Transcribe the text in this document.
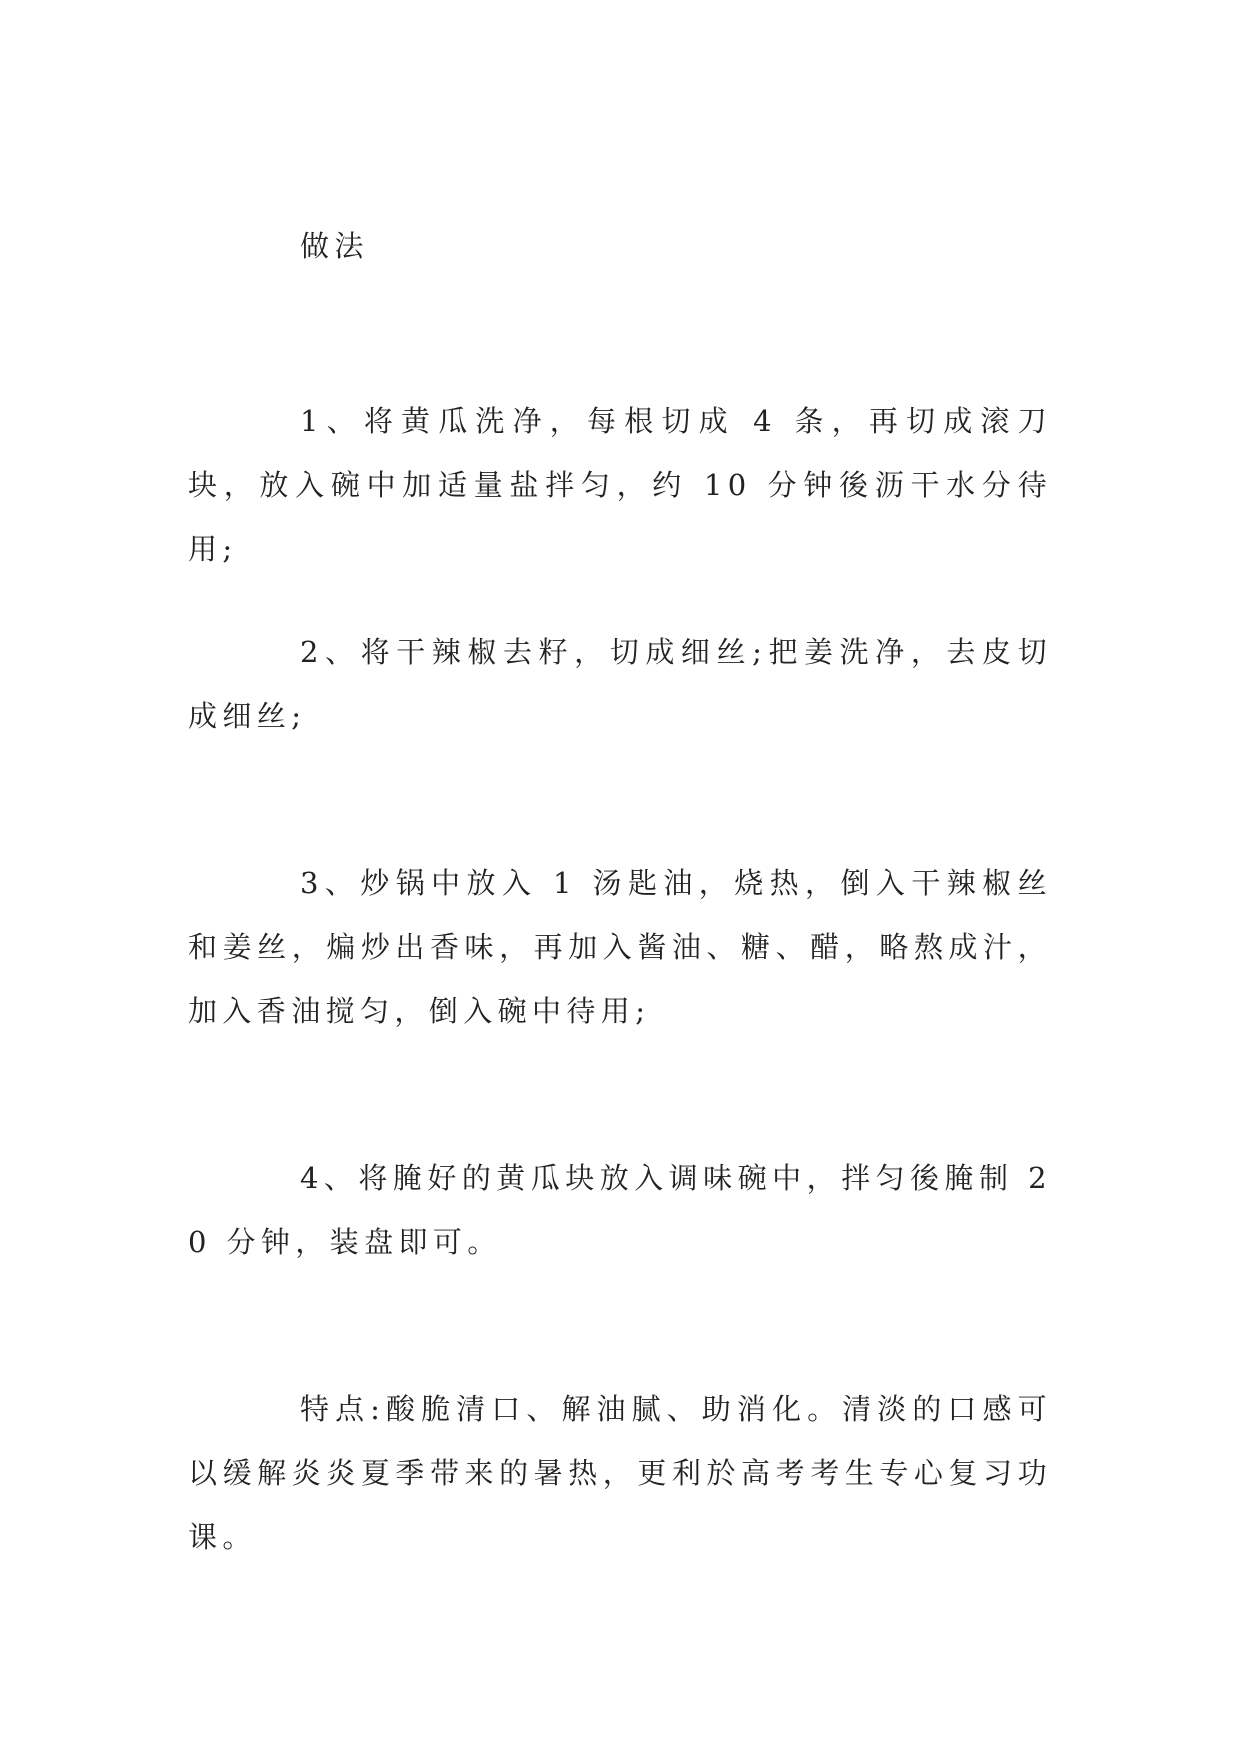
做法

1、将黄瓜洗净，每根切成 4 条，再切成滚刀块，放入碗中加适量盐拌匀，约 10 分钟後沥干水分待用;

2、将干辣椒去籽，切成细丝;把姜洗净，去皮切成细丝;

3、炒锅中放入 1 汤匙油，烧热，倒入干辣椒丝和姜丝，煸炒出香味，再加入酱油、糖、醋，略熬成汁，加入香油搅匀，倒入碗中待用;

4、将腌好的黄瓜块放入调味碗中，拌匀後腌制 20 分钟，装盘即可。

特点:酸脆清口、解油腻、助消化。清淡的口感可以缓解炎炎夏季带来的暑热，更利於高考考生专心复习功课。
